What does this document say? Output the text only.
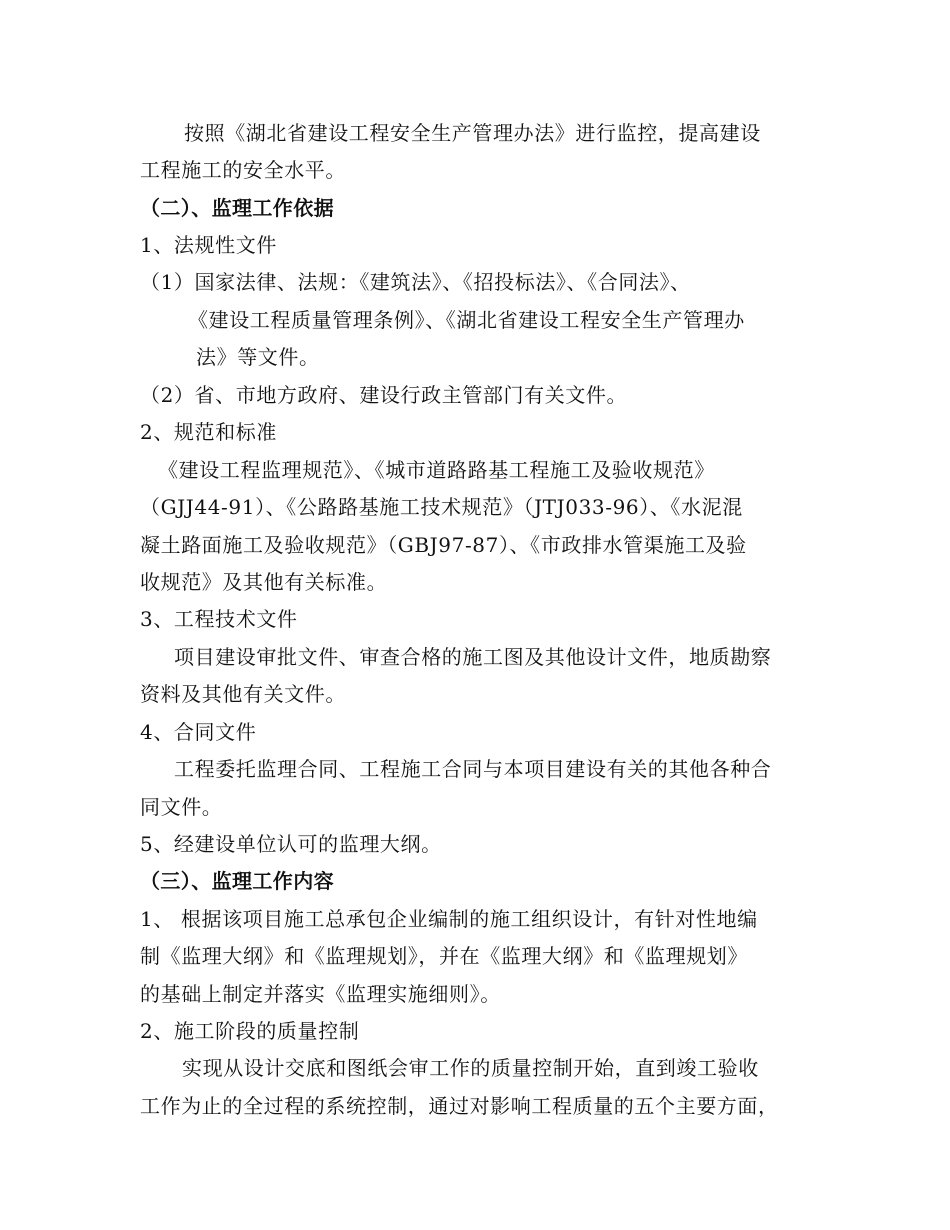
按照《湖北省建设工程安全生产管理办法》进行监控，提高建设
工程施工的安全水平。
（二）、监理工作依据
1、法规性文件
（1）国家法律、法规：《建筑法》、《招投标法》、《合同法》、
《建设工程质量管理条例》、《湖北省建设工程安全生产管理办
法》等文件。
（2）省、市地方政府、建设行政主管部门有关文件。
2、规范和标准
《建设工程监理规范》、《城市道路路基工程施工及验收规范》
（GJJ44-91）、《公路路基施工技术规范》（JTJ033-96）、《水泥混
凝土路面施工及验收规范》（GBJ97-87）、《市政排水管渠施工及验
收规范》及其他有关标准。
3、工程技术文件
项目建设审批文件、审查合格的施工图及其他设计文件，地质勘察
资料及其他有关文件。
4、合同文件
工程委托监理合同、工程施工合同与本项目建设有关的其他各种合
同文件。
5、经建设单位认可的监理大纲。
（三）、监理工作内容
1、 根据该项目施工总承包企业编制的施工组织设计，有针对性地编
制《监理大纲》和《监理规划》，并在《监理大纲》和《监理规划》
的基础上制定并落实《监理实施细则》。
2、施工阶段的质量控制
实现从设计交底和图纸会审工作的质量控制开始，直到竣工验收
工作为止的全过程的系统控制，通过对影响工程质量的五个主要方面，
